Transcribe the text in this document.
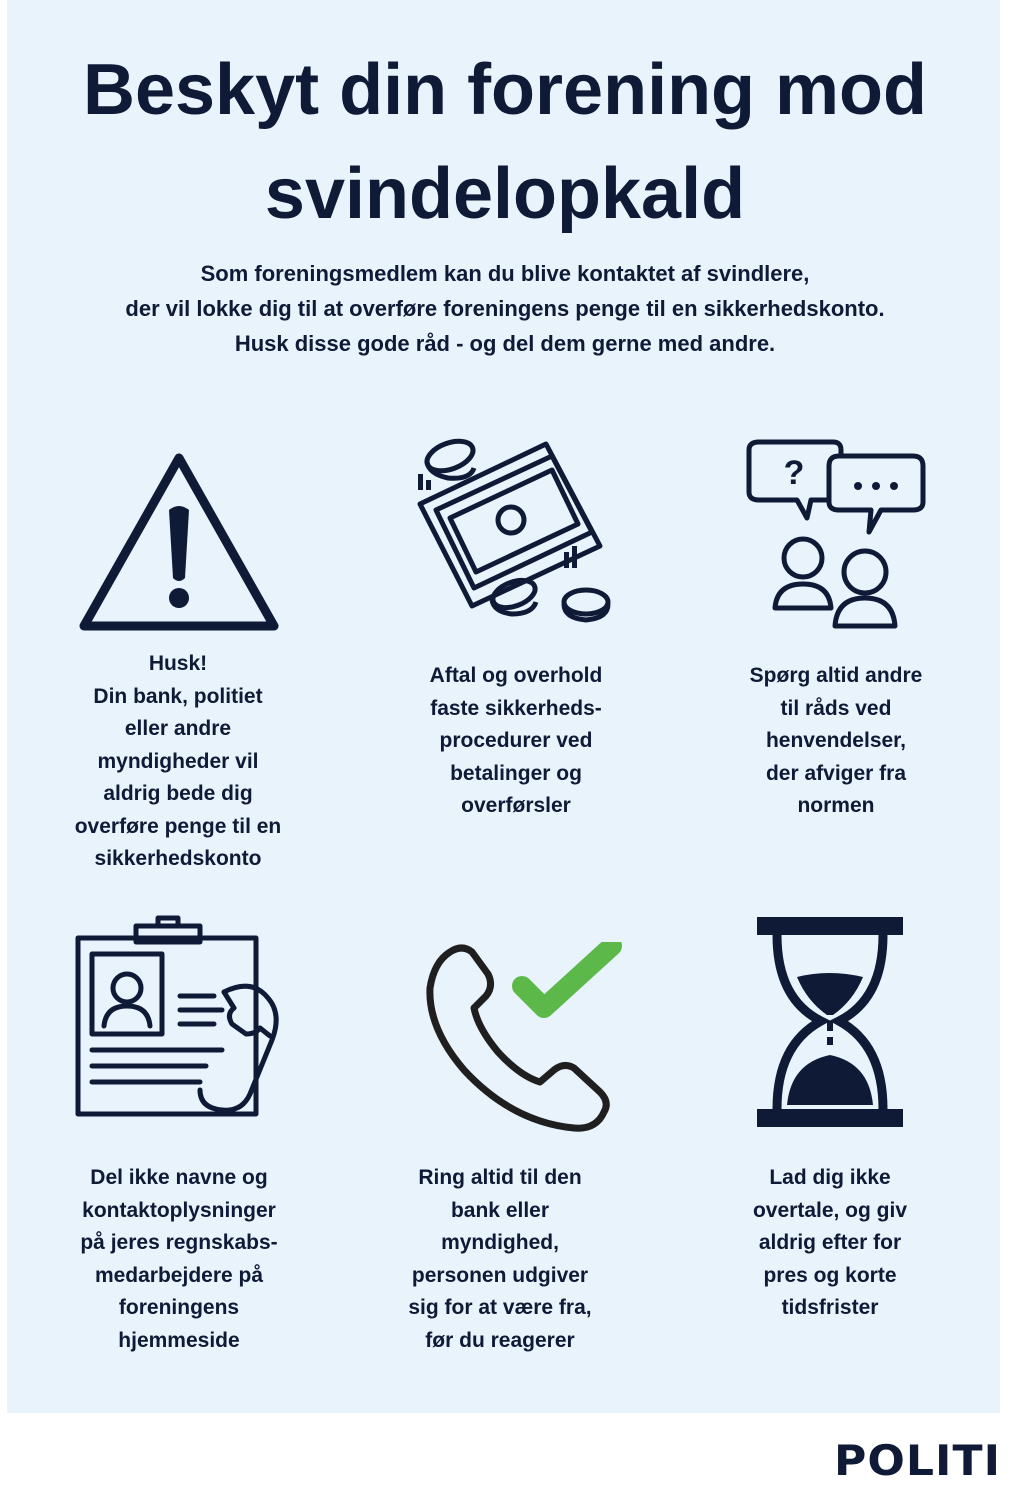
Beskyt din forening mod
svindelopkald
Som foreningsmedlem kan du blive kontaktet af svindlere,
der vil lokke dig til at overføre foreningens penge til en sikkerhedskonto.
Husk disse gode råd - og del dem gerne med andre.
?
Husk!
Din bank, politiet
eller andre
myndigheder vil
aldrig bede dig
overføre penge til en
sikkerhedskonto
Aftal og overhold
faste sikkerheds-
procedurer ved
betalinger og
overførsler
Spørg altid andre
til råds ved
henvendelser,
der afviger fra
normen
Del ikke navne og
kontaktoplysninger
på jeres regnskabs-
medarbejdere på
foreningens
hjemmeside
Ring altid til den
bank eller
myndighed,
personen udgiver
sig for at være fra,
før du reagerer
Lad dig ikke
overtale, og giv
aldrig efter for
pres og korte
tidsfrister
POLITI
